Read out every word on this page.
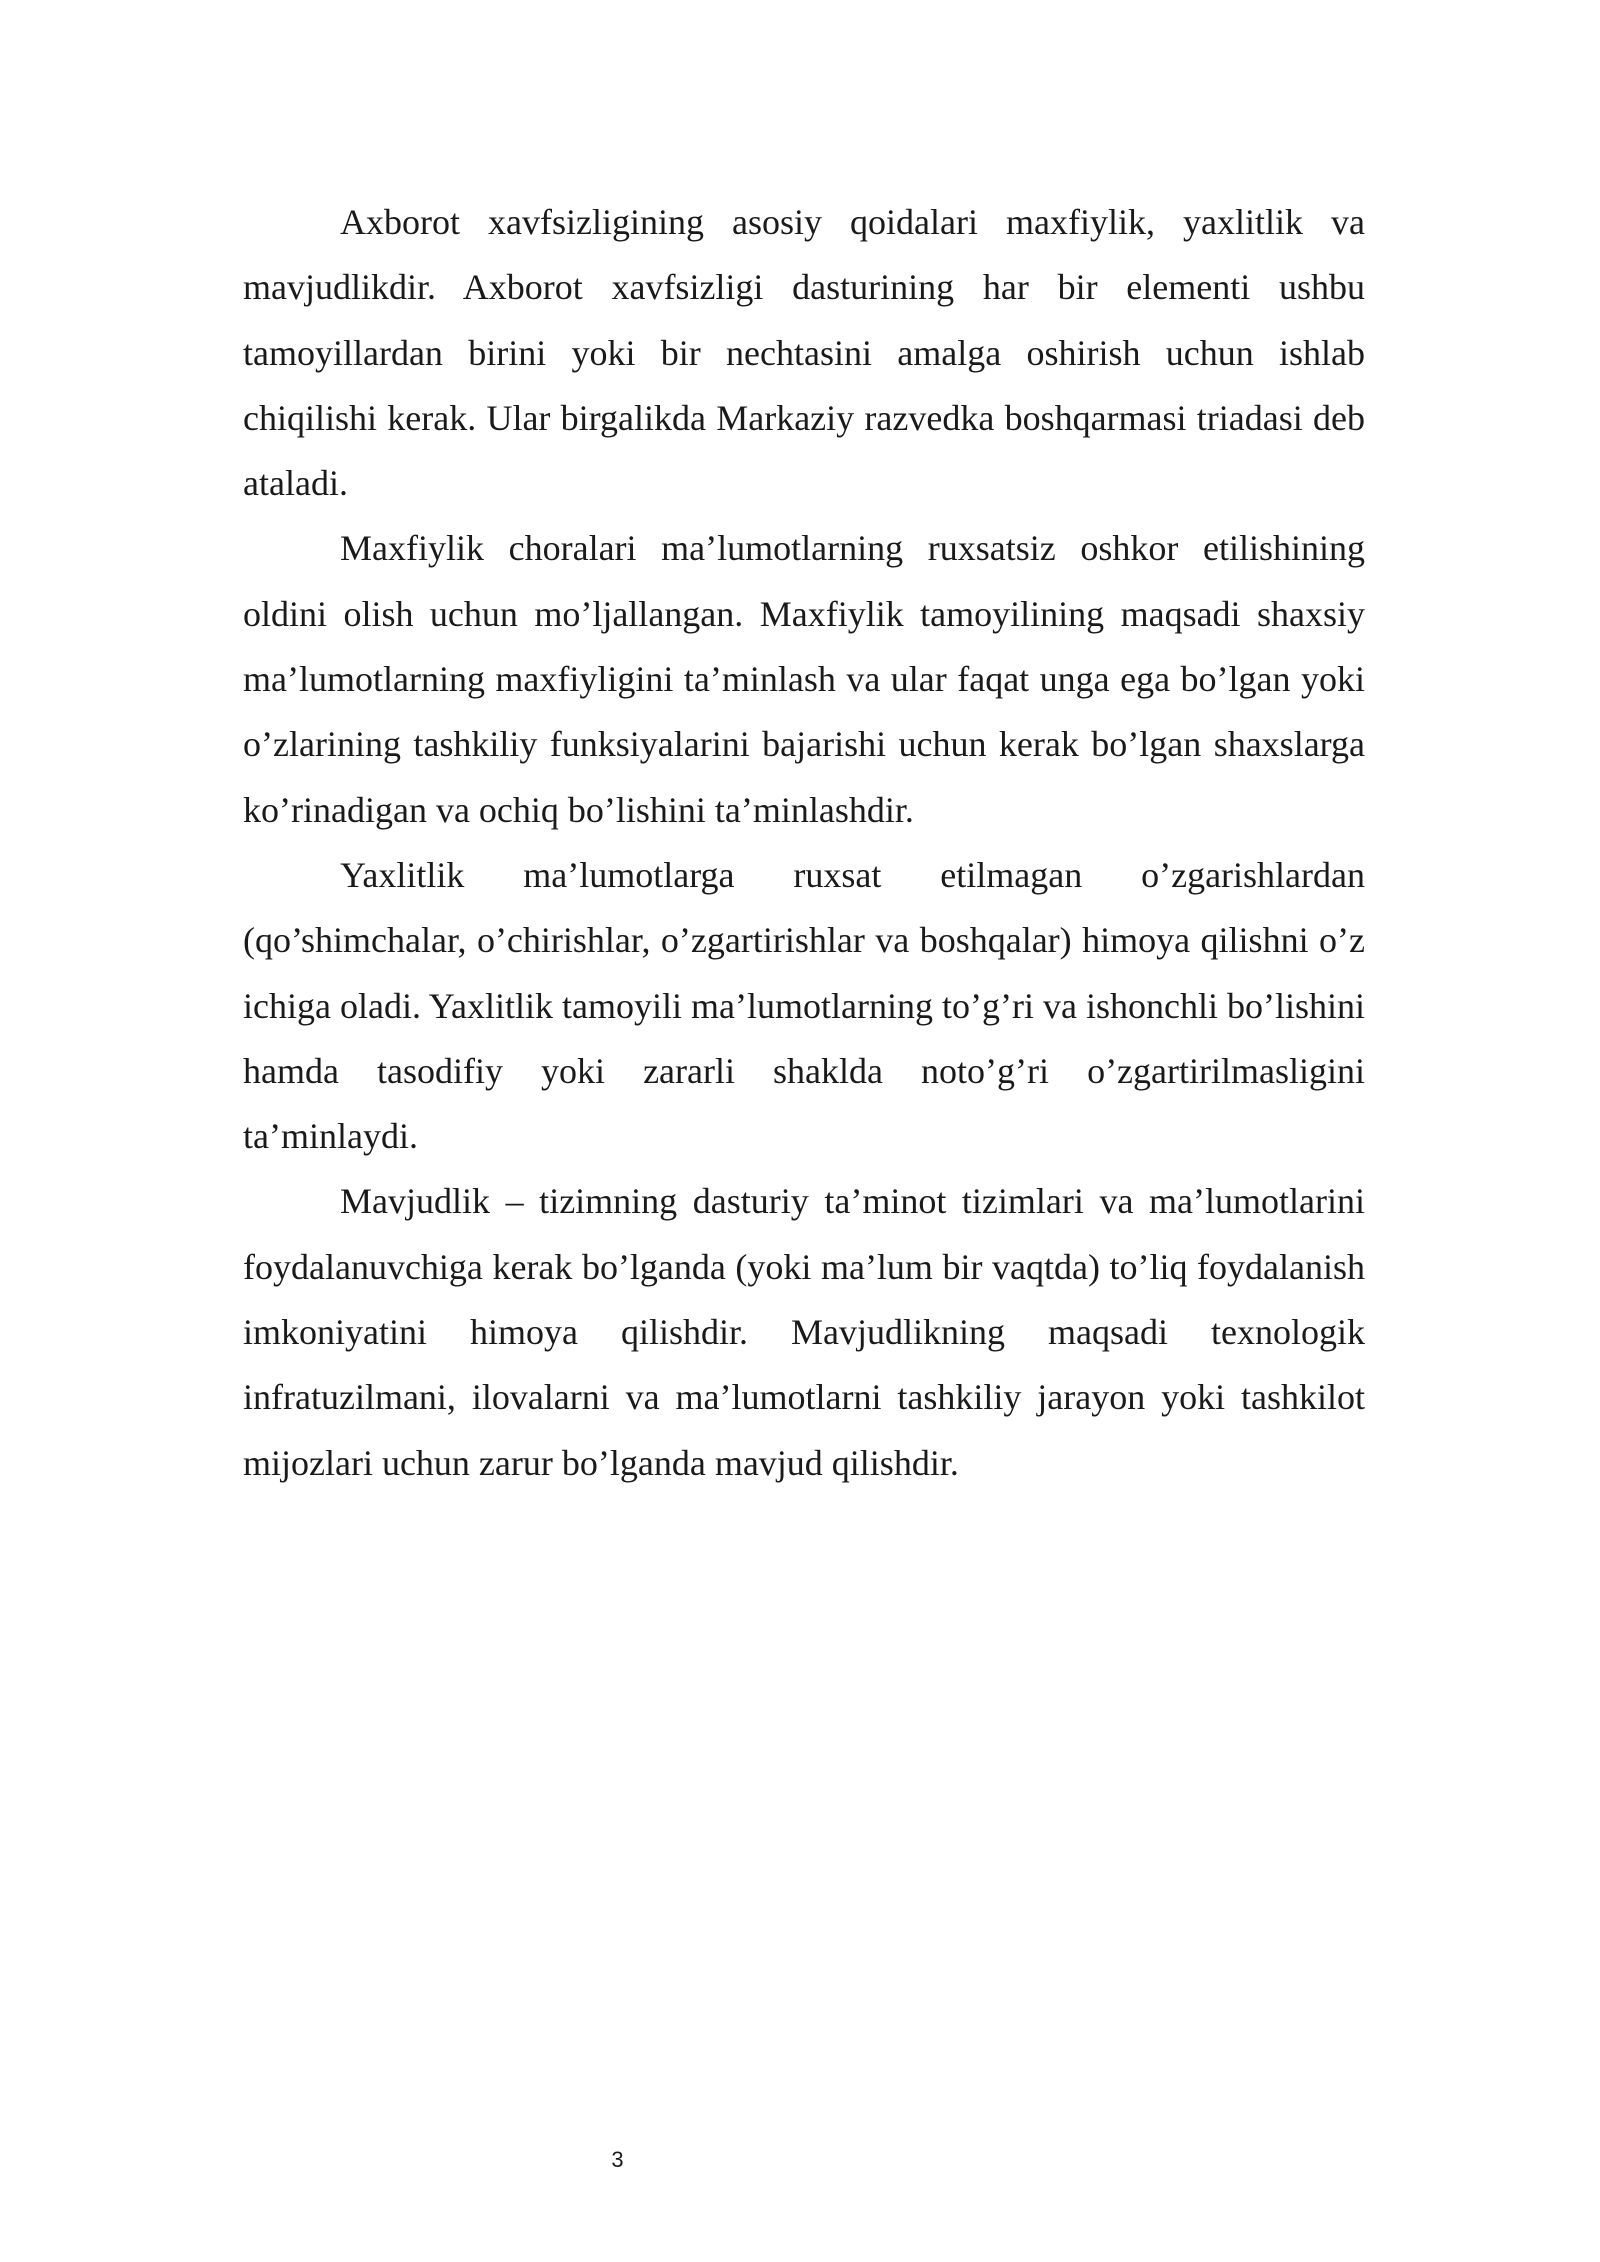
Axborot xavfsizligining asosiy qoidalari maxfiylik, yaxlitlik va mavjudlikdir. Axborot xavfsizligi dasturining har bir elementi ushbu tamoyillardan birini yoki bir nechtasini amalga oshirish uchun ishlab chiqilishi kerak. Ular birgalikda Markaziy razvedka boshqarmasi triadasi deb ataladi.

Maxfiylik choralari ma’lumotlarning ruxsatsiz oshkor etilishining oldini olish uchun mo’ljallangan. Maxfiylik tamoyilining maqsadi shaxsiy ma’lumotlarning maxfiyligini ta’minlash va ular faqat unga ega bo’lgan yoki o’zlarining tashkiliy funksiyalarini bajarishi uchun kerak bo’lgan shaxslarga ko’rinadigan va ochiq bo’lishini ta’minlashdir.

Yaxlitlik ma’lumotlarga ruxsat etilmagan o’zgarishlardan (qo’shimchalar, o’chirishlar, o’zgartirishlar va boshqalar) himoya qilishni o’z ichiga oladi. Yaxlitlik tamoyili ma’lumotlarning to’g’ri va ishonchli bo’lishini hamda tasodifiy yoki zararli shaklda noto’g’ri o’zgartirilmasligini ta’minlaydi.

Mavjudlik – tizimning dasturiy ta’minot tizimlari va ma’lumotlarini foydalanuvchiga kerak bo’lganda (yoki ma’lum bir vaqtda) to’liq foydalanish imkoniyatini himoya qilishdir. Mavjudlikning maqsadi texnologik infratuzilmani, ilovalarni va ma’lumotlarni tashkiliy jarayon yoki tashkilot mijozlari uchun zarur bo’lganda mavjud qilishdir.

3
